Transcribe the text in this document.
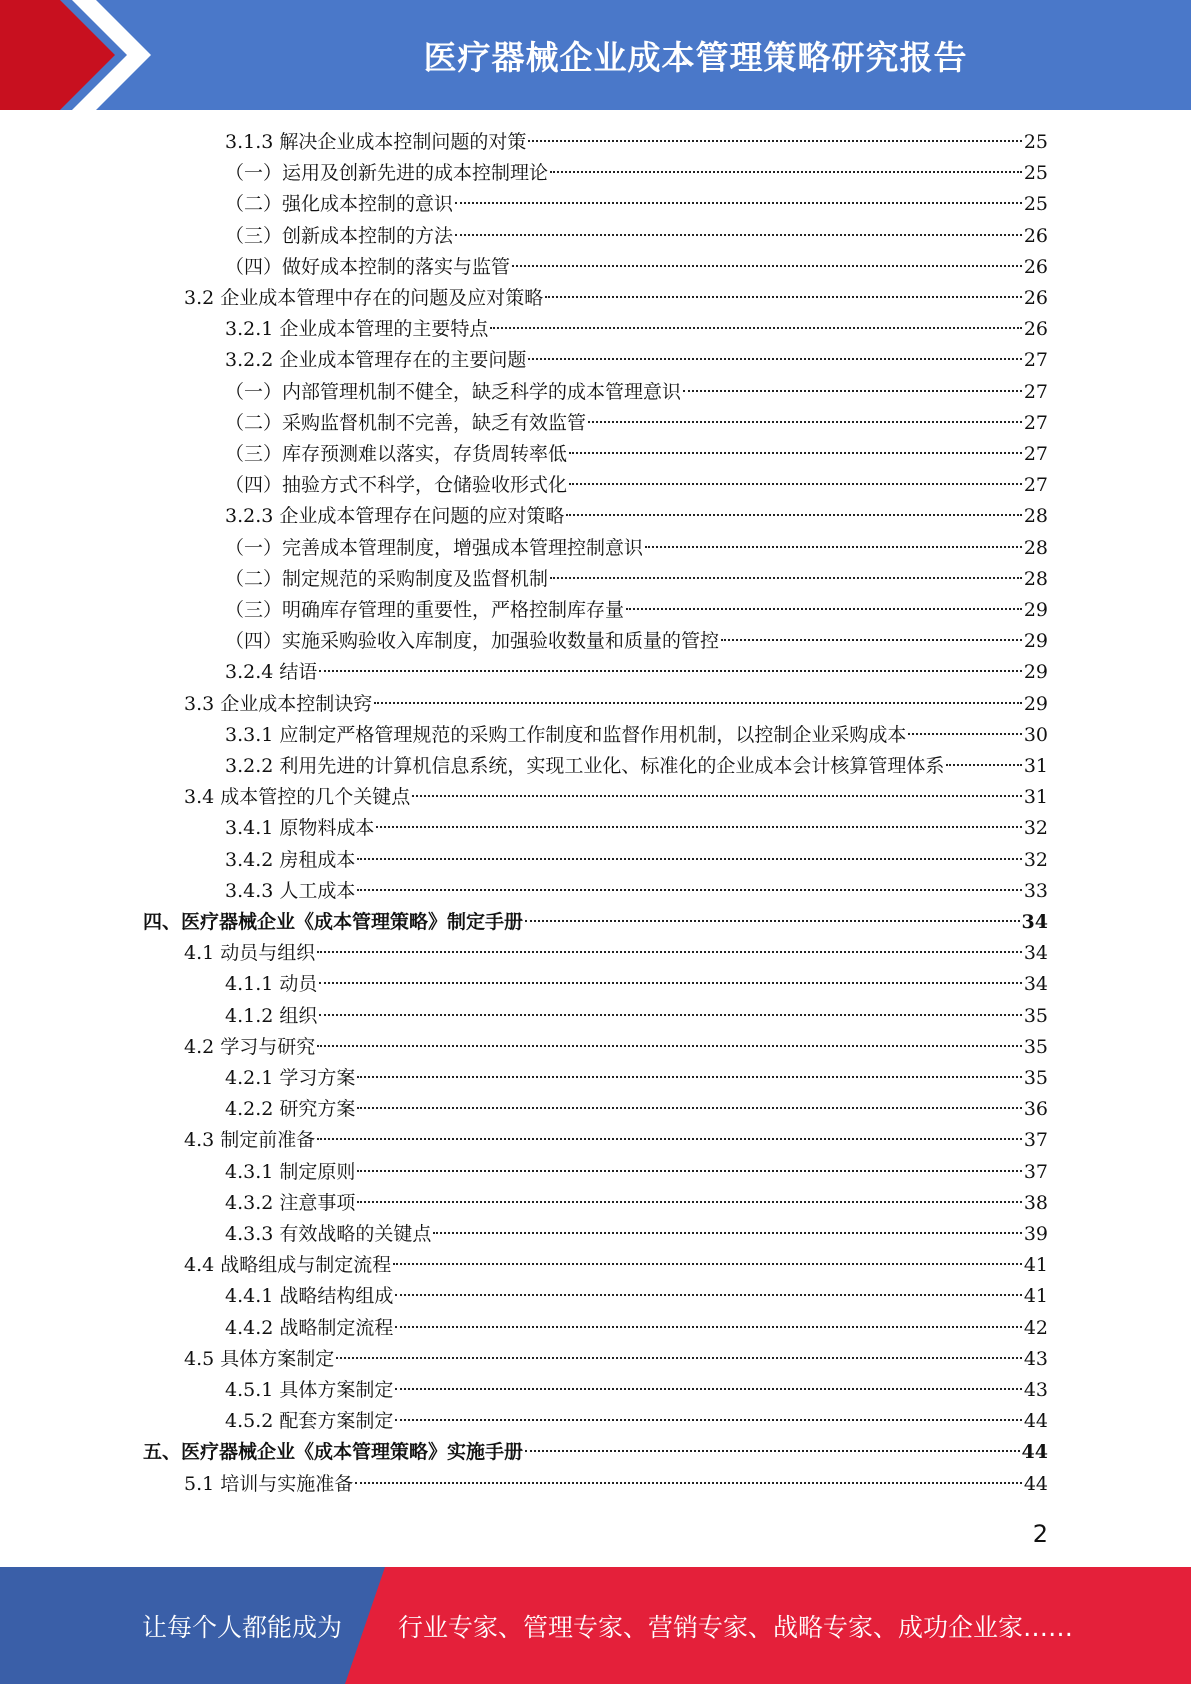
医疗器械企业成本管理策略研究报告
3.1.3 解决企业成本控制问题的对策	25
（一）运用及创新先进的成本控制理论	25
（二）强化成本控制的意识	25
（三）创新成本控制的方法	26
（四）做好成本控制的落实与监管	26
3.2 企业成本管理中存在的问题及应对策略	26
3.2.1 企业成本管理的主要特点	26
3.2.2 企业成本管理存在的主要问题	27
（一）内部管理机制不健全，缺乏科学的成本管理意识	27
（二）采购监督机制不完善，缺乏有效监管	27
（三）库存预测难以落实，存货周转率低	27
（四）抽验方式不科学，仓储验收形式化	27
3.2.3 企业成本管理存在问题的应对策略	28
（一）完善成本管理制度，增强成本管理控制意识	28
（二）制定规范的采购制度及监督机制	28
（三）明确库存管理的重要性，严格控制库存量	29
（四）实施采购验收入库制度，加强验收数量和质量的管控	29
3.2.4 结语	29
3.3 企业成本控制诀窍	29
3.3.1 应制定严格管理规范的采购工作制度和监督作用机制，以控制企业采购成本	30
3.2.2 利用先进的计算机信息系统，实现工业化、标准化的企业成本会计核算管理体系	31
3.4 成本管控的几个关键点	31
3.4.1 原物料成本	32
3.4.2 房租成本	32
3.4.3 人工成本	33
四、医疗器械企业《成本管理策略》制定手册	34
4.1 动员与组织	34
4.1.1 动员	34
4.1.2 组织	35
4.2 学习与研究	35
4.2.1 学习方案	35
4.2.2 研究方案	36
4.3 制定前准备	37
4.3.1 制定原则	37
4.3.2 注意事项	38
4.3.3 有效战略的关键点	39
4.4 战略组成与制定流程	41
4.4.1 战略结构组成	41
4.4.2 战略制定流程	42
4.5 具体方案制定	43
4.5.1 具体方案制定	43
4.5.2 配套方案制定	44
五、医疗器械企业《成本管理策略》实施手册	44
5.1 培训与实施准备	44
2
让每个人都能成为 行业专家、管理专家、营销专家、战略专家、成功企业家……
